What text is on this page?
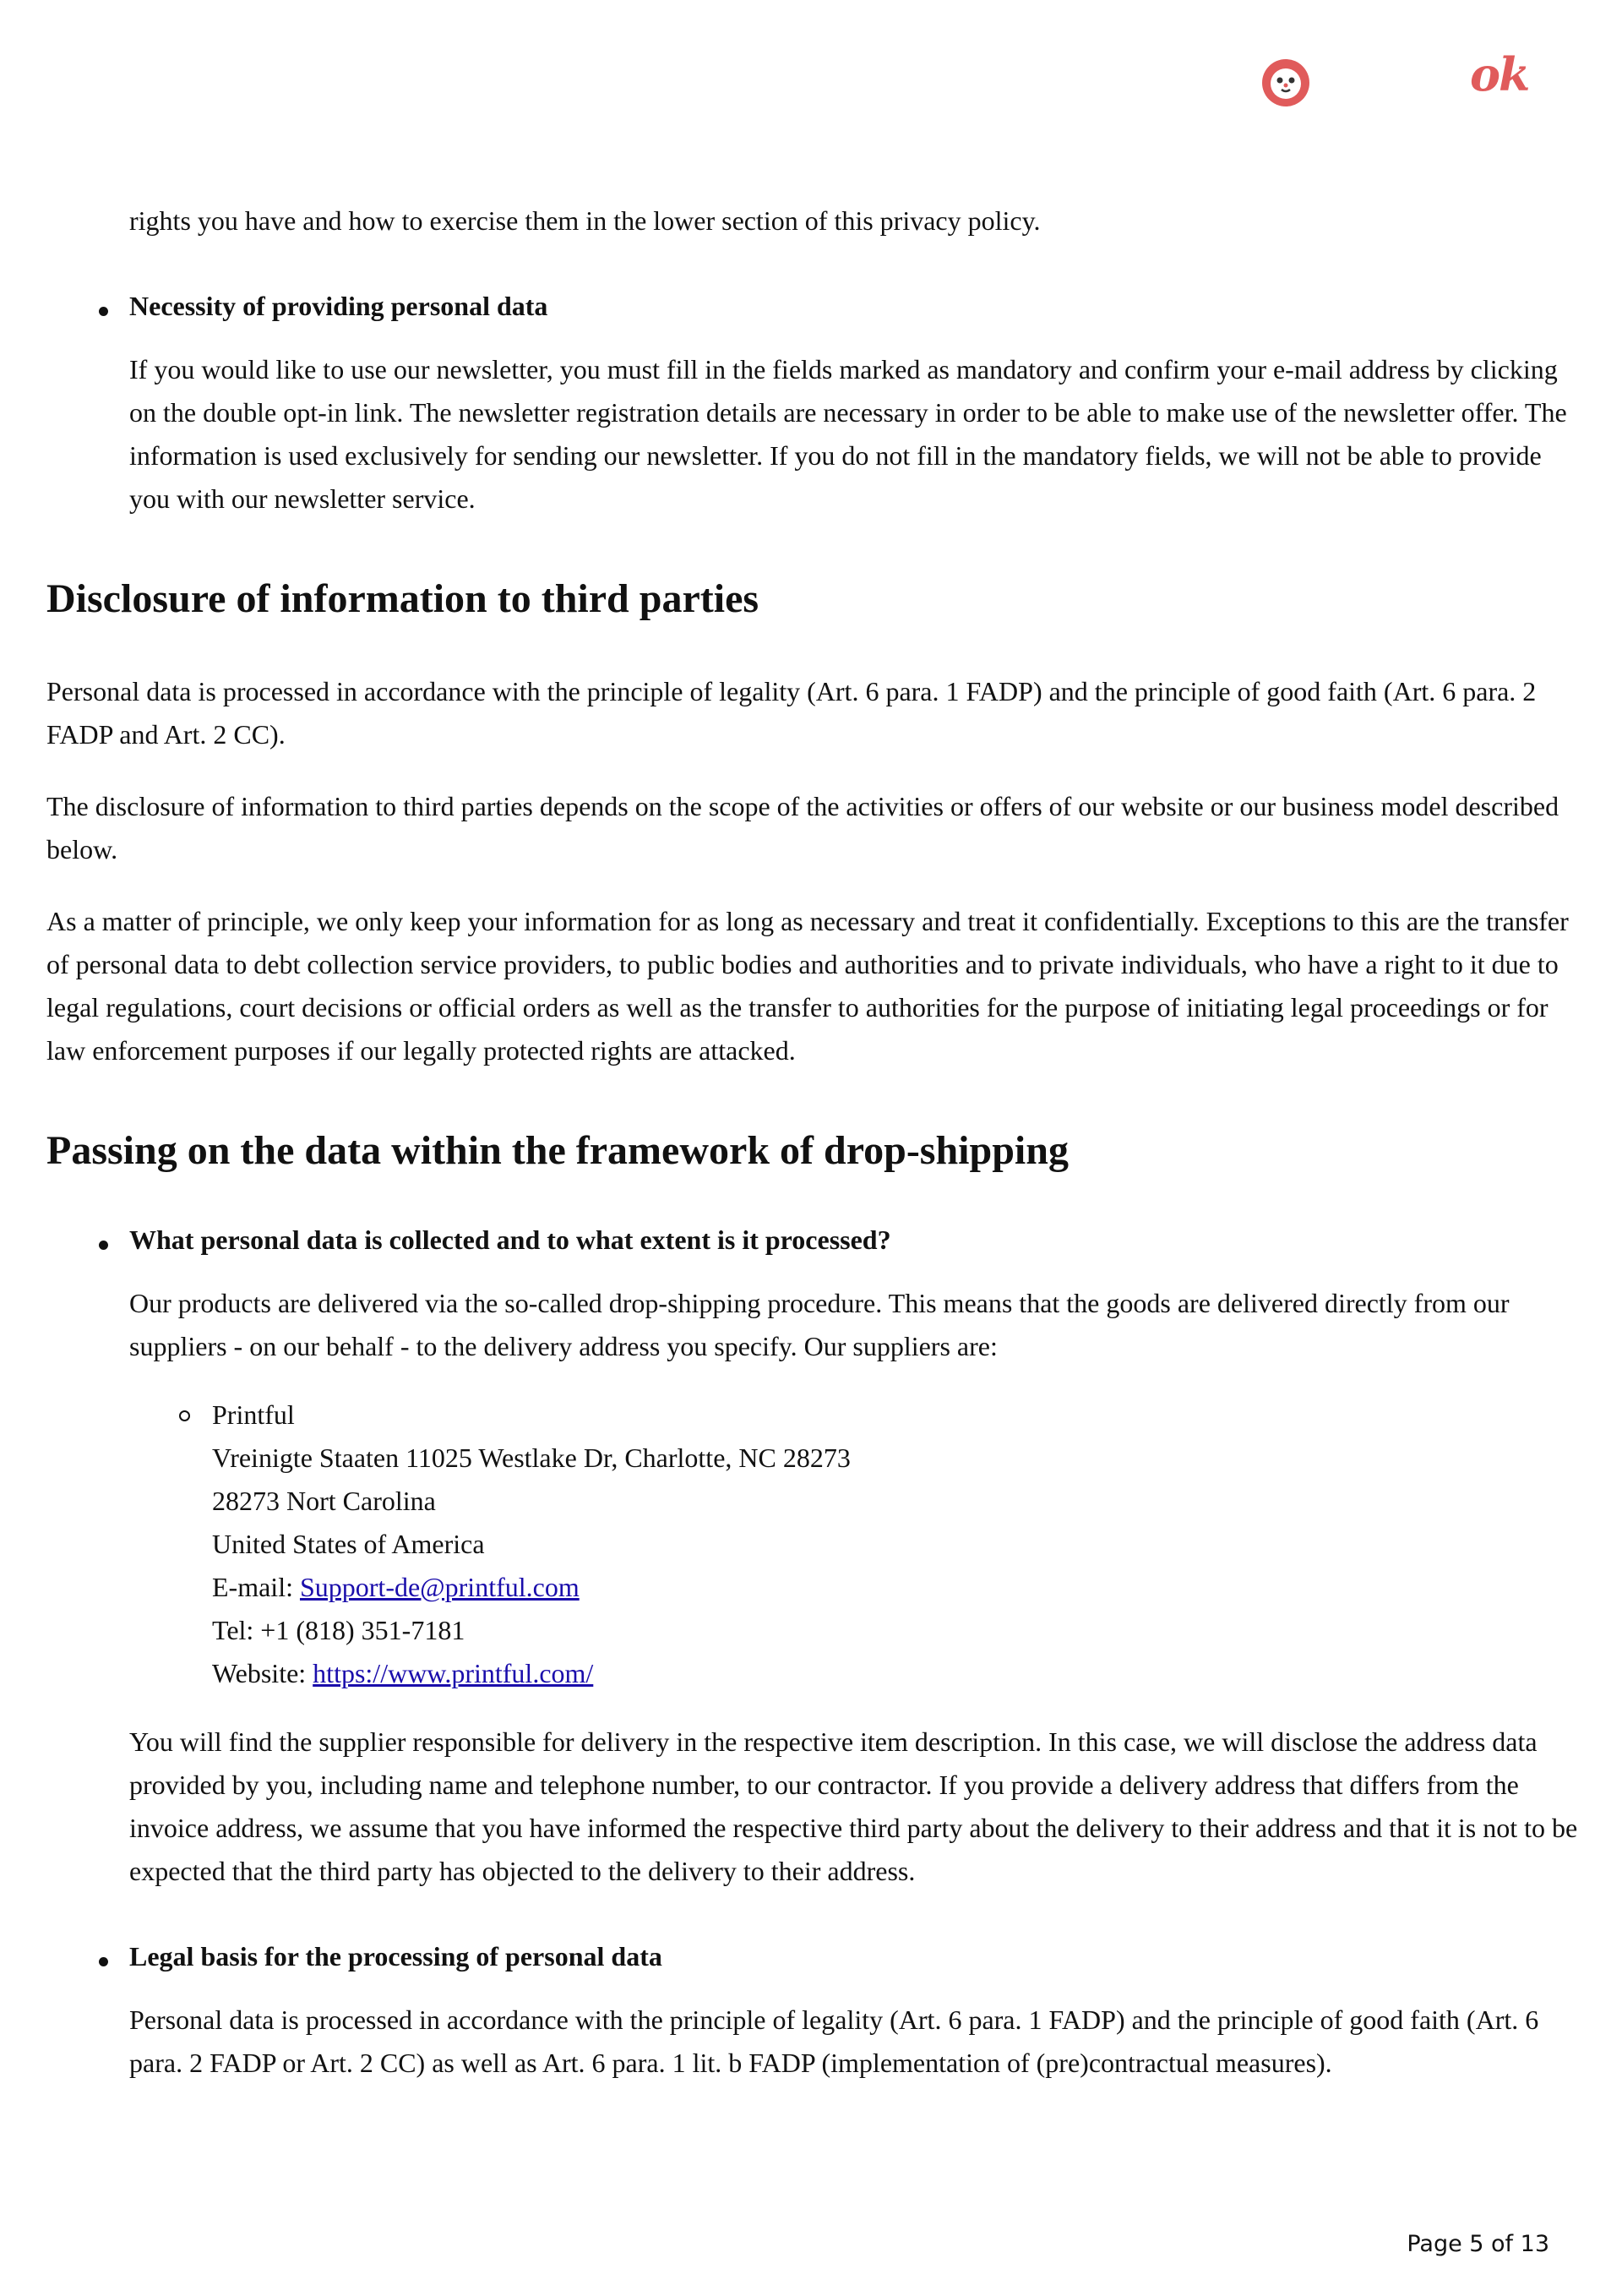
ok

rights you have and how to exercise them in the lower section of this privacy policy.

Necessity of providing personal data

If you would like to use our newsletter, you must fill in the fields marked as mandatory and confirm your e-mail address by clicking on the double opt-in link. The newsletter registration details are necessary in order to be able to make use of the newsletter offer. The information is used exclusively for sending our newsletter. If you do not fill in the mandatory fields, we will not be able to provide you with our newsletter service.

Disclosure of information to third parties

Personal data is processed in accordance with the principle of legality (Art. 6 para. 1 FADP) and the principle of good faith (Art. 6 para. 2 FADP and Art. 2 CC).

The disclosure of information to third parties depends on the scope of the activities or offers of our website or our business model described below.

As a matter of principle, we only keep your information for as long as necessary and treat it confidentially. Exceptions to this are the transfer of personal data to debt collection service providers, to public bodies and authorities and to private individuals, who have a right to it due to legal regulations, court decisions or official orders as well as the transfer to authorities for the purpose of initiating legal proceedings or for law enforcement purposes if our legally protected rights are attacked.

Passing on the data within the framework of drop-shipping
What personal data is collected and to what extent is it processed?

Our products are delivered via the so-called drop-shipping procedure. This means that the goods are delivered directly from our suppliers - on our behalf - to the delivery address you specify. Our suppliers are:

Printful

Vreinigte Staaten 11025 Westlake Dr, Charlotte, NC 28273

28273 Nort Carolina

United States of America

E-mail: Support-de@printful.com

Tel: +1 (818) 351-7181

Website: https://www.printful.com/

You will find the supplier responsible for delivery in the respective item description. In this case, we will disclose the address data provided by you, including name and telephone number, to our contractor. If you provide a delivery address that differs from the invoice address, we assume that you have informed the respective third party about the delivery to their address and that it is not to be expected that the third party has objected to the delivery to their address.

Legal basis for the processing of personal data

Personal data is processed in accordance with the principle of legality (Art. 6 para. 1 FADP) and the principle of good faith (Art. 6 para. 2 FADP or Art. 2 CC) as well as Art. 6 para. 1 lit. b FADP (implementation of (pre)contractual measures).

Page 5 of 13
